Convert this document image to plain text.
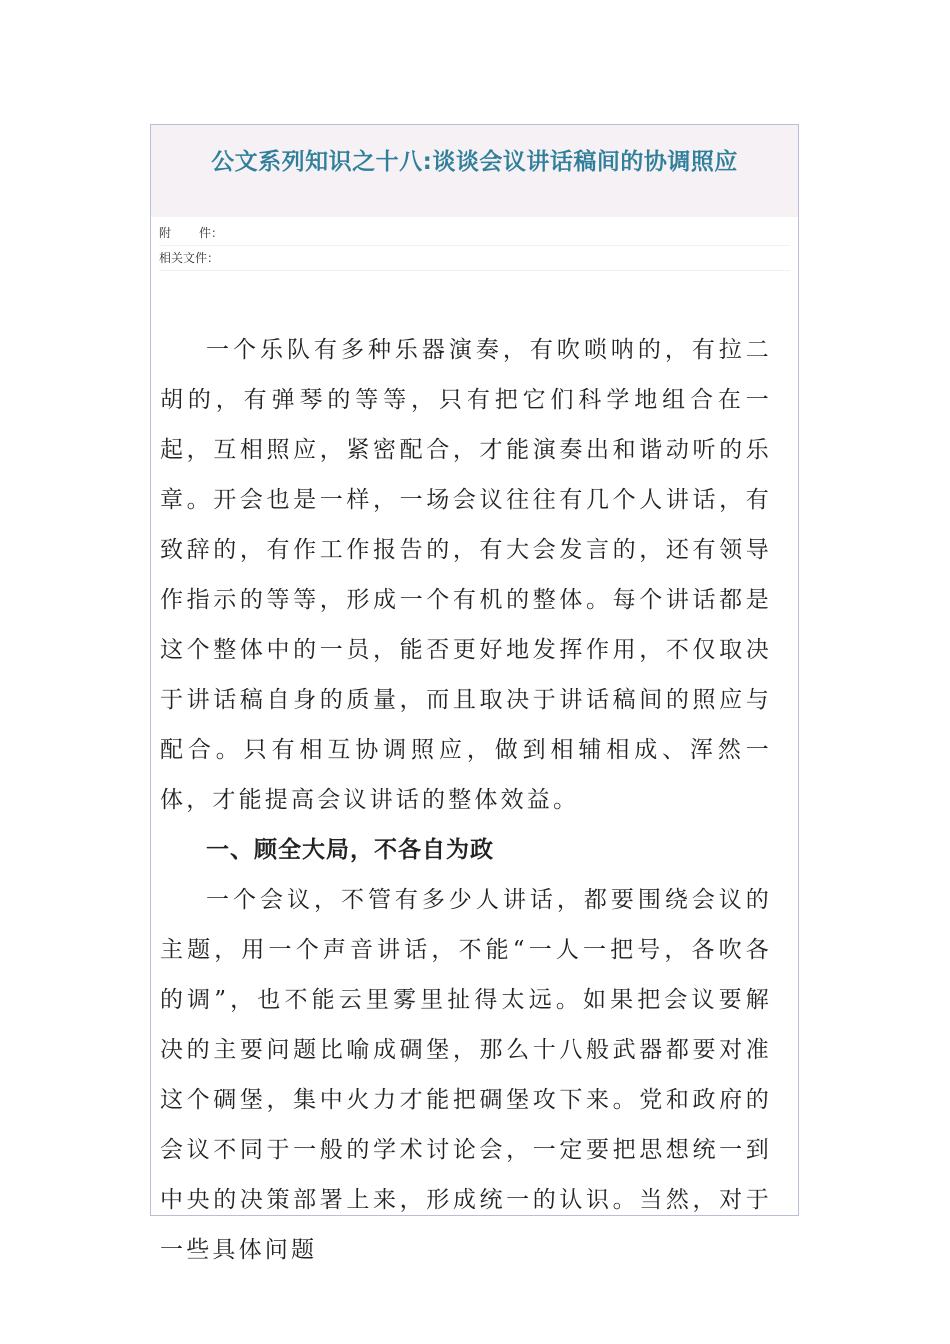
公文系列知识之十八:谈谈会议讲话稿间的协调照应
附 件：
相关文件：

一个乐队有多种乐器演奏，有吹唢呐的，有拉二胡的，有弹琴的等等，只有把它们科学地组合在一起，互相照应，紧密配合，才能演奏出和谐动听的乐章。开会也是一样，一场会议往往有几个人讲话，有致辞的，有作工作报告的，有大会发言的，还有领导作指示的等等，形成一个有机的整体。每个讲话都是这个整体中的一员，能否更好地发挥作用，不仅取决于讲话稿自身的质量，而且取决于讲话稿间的照应与配合。只有相互协调照应，做到相辅相成、浑然一体，才能提高会议讲话的整体效益。

一、顾全大局，不各自为政

一个会议，不管有多少人讲话，都要围绕会议的主题，用一个声音讲话，不能“一人一把号，各吹各的调”，也不能云里雾里扯得太远。如果把会议要解决的主要问题比喻成碉堡，那么十八般武器都要对准这个碉堡，集中火力才能把碉堡攻下来。党和政府的会议不同于一般的学术讨论会，一定要把思想统一到中央的决策部署上来，形成统一的认识。当然，对于一些具体问题
